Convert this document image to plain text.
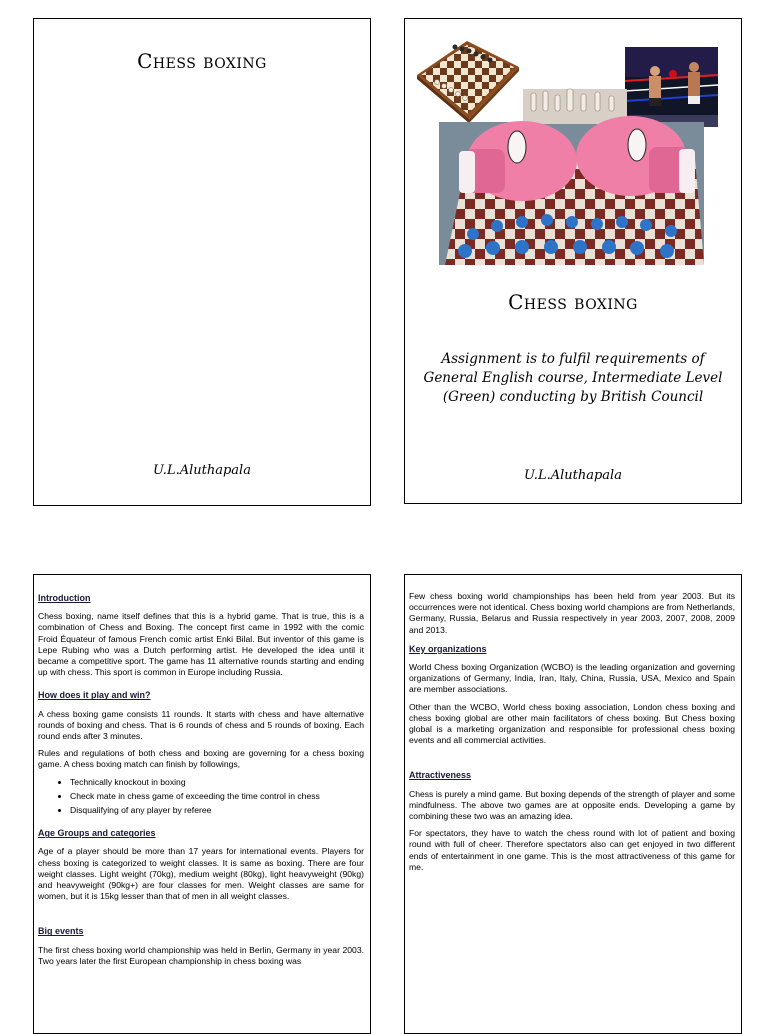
Chess boxing
U.L.Aluthapala
Chess boxing
Assignment is to fulfil requirements of General English course, Intermediate Level (Green) conducting by British Council
U.L.Aluthapala
Introduction

Chess boxing, name itself defines that this is a hybrid game. That is true, this is a combination of Chess and Boxing. The concept first came in 1992 with the comic Froid Équateur of famous French comic artist Enki Bilal. But inventor of this game is Lepe Rubing who was a Dutch performing artist. He developed the idea until it became a competitive sport. The game has 11 alternative rounds starting and ending up with chess. This sport is common in Europe including Russia.

How does it play and win?

A chess boxing game consists 11 rounds. It starts with chess and have alternative rounds of boxing and chess. That is 6 rounds of chess and 5 rounds of boxing. Each round ends after 3 minutes.

Rules and regulations of both chess and boxing are governing for a chess boxing game. A chess boxing match can finish by followings,

• Technically knockout in boxing
• Check mate in chess game of exceeding the time control in chess
• Disqualifying of any player by referee
Age Groups and categories

Age of a player should be more than 17 years for international events. Players for chess boxing is categorized to weight classes. It is same as boxing. There are four weight classes. Light weight (70kg), medium weight (80kg), light heavyweight (90kg) and heavyweight (90kg+) are four classes for men. Weight classes are same for women, but it is 15kg lesser than that of men in all weight classes.

Big events

The first chess boxing world championship was held in Berlin, Germany in year 2003. Two years later the first European championship in chess boxing was

Few chess boxing world championships has been held from year 2003. But its occurrences were not identical. Chess boxing world champions are from Netherlands, Germany, Russia, Belarus and Russia respectively in year 2003, 2007, 2008, 2009 and 2013.

Key organizations

World Chess boxing Organization (WCBO) is the leading organization and governing organizations of Germany, India, Iran, Italy, China, Russia, USA, Mexico and Spain are member associations.

Other than the WCBO, World chess boxing association, London chess boxing and chess boxing global are other main facilitators of chess boxing. But Chess boxing global is a marketing organization and responsible for professional chess boxing events and all commercial activities.

Attractiveness

Chess is purely a mind game. But boxing depends of the strength of player and some mindfulness. The above two games are at opposite ends. Developing a game by combining these two was an amazing idea.

For spectators, they have to watch the chess round with lot of patient and boxing round with full of cheer. Therefore spectators also can get enjoyed in two different ends of entertainment in one game. This is the most attractiveness of this game for me.
